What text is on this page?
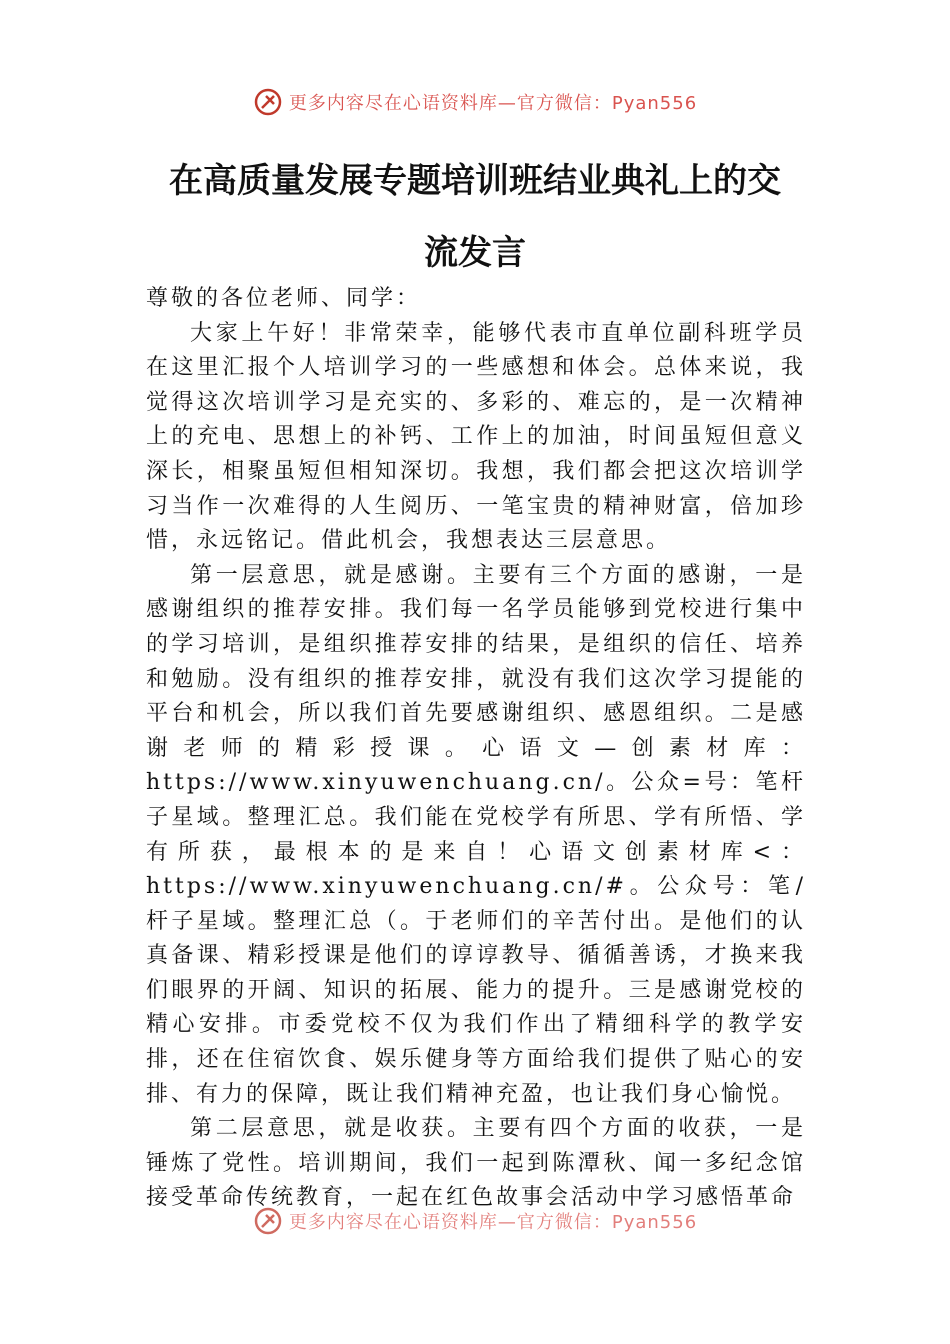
更多内容尽在心语资料库—官方微信：Pyan556
在高质量发展专题培训班结业典礼上的交
流发言

尊敬的各位老师、同学：

大家上午好！非常荣幸，能够代表市直单位副科班学员在这里汇报个人培训学习的一些感想和体会。总体来说，我觉得这次培训学习是充实的、多彩的、难忘的，是一次精神上的充电、思想上的补钙、工作上的加油，时间虽短但意义深长，相聚虽短但相知深切。我想，我们都会把这次培训学习当作一次难得的人生阅历、一笔宝贵的精神财富，倍加珍惜，永远铭记。借此机会，我想表达三层意思。

第一层意思，就是感谢。主要有三个方面的感谢，一是感谢组织的推荐安排。我们每一名学员能够到党校进行集中的学习培训，是组织推荐安排的结果，是组织的信任、培养和勉励。没有组织的推荐安排，就没有我们这次学习提能的平台和机会，所以我们首先要感谢组织、感恩组织。二是感谢老师的精彩授课。心语文—创素材库：https://www.xinyuwenchuang.cn/。公众=号：笔杆子星域。整理汇总。我们能在党校学有所思、学有所悟、学有所获，最根本的是来自！心语文创素材库<：https://www.xinyuwenchuang.cn/#。公众号：笔/杆子星域。整理汇总（。于老师们的辛苦付出。是他们的认真备课、精彩授课是他们的谆谆教导、循循善诱，才换来我们眼界的开阔、知识的拓展、能力的提升。三是感谢党校的精心安排。市委党校不仅为我们作出了精细科学的教学安排，还在住宿饮食、娱乐健身等方面给我们提供了贴心的安排、有力的保障，既让我们精神充盈，也让我们身心愉悦。

第二层意思，就是收获。主要有四个方面的收获，一是锤炼了党性。培训期间，我们一起到陈潭秋、闻一多纪念馆接受革命传统教育，一起在红色故事会活动中学习感悟革命

更多内容尽在心语资料库—官方微信：Pyan556
